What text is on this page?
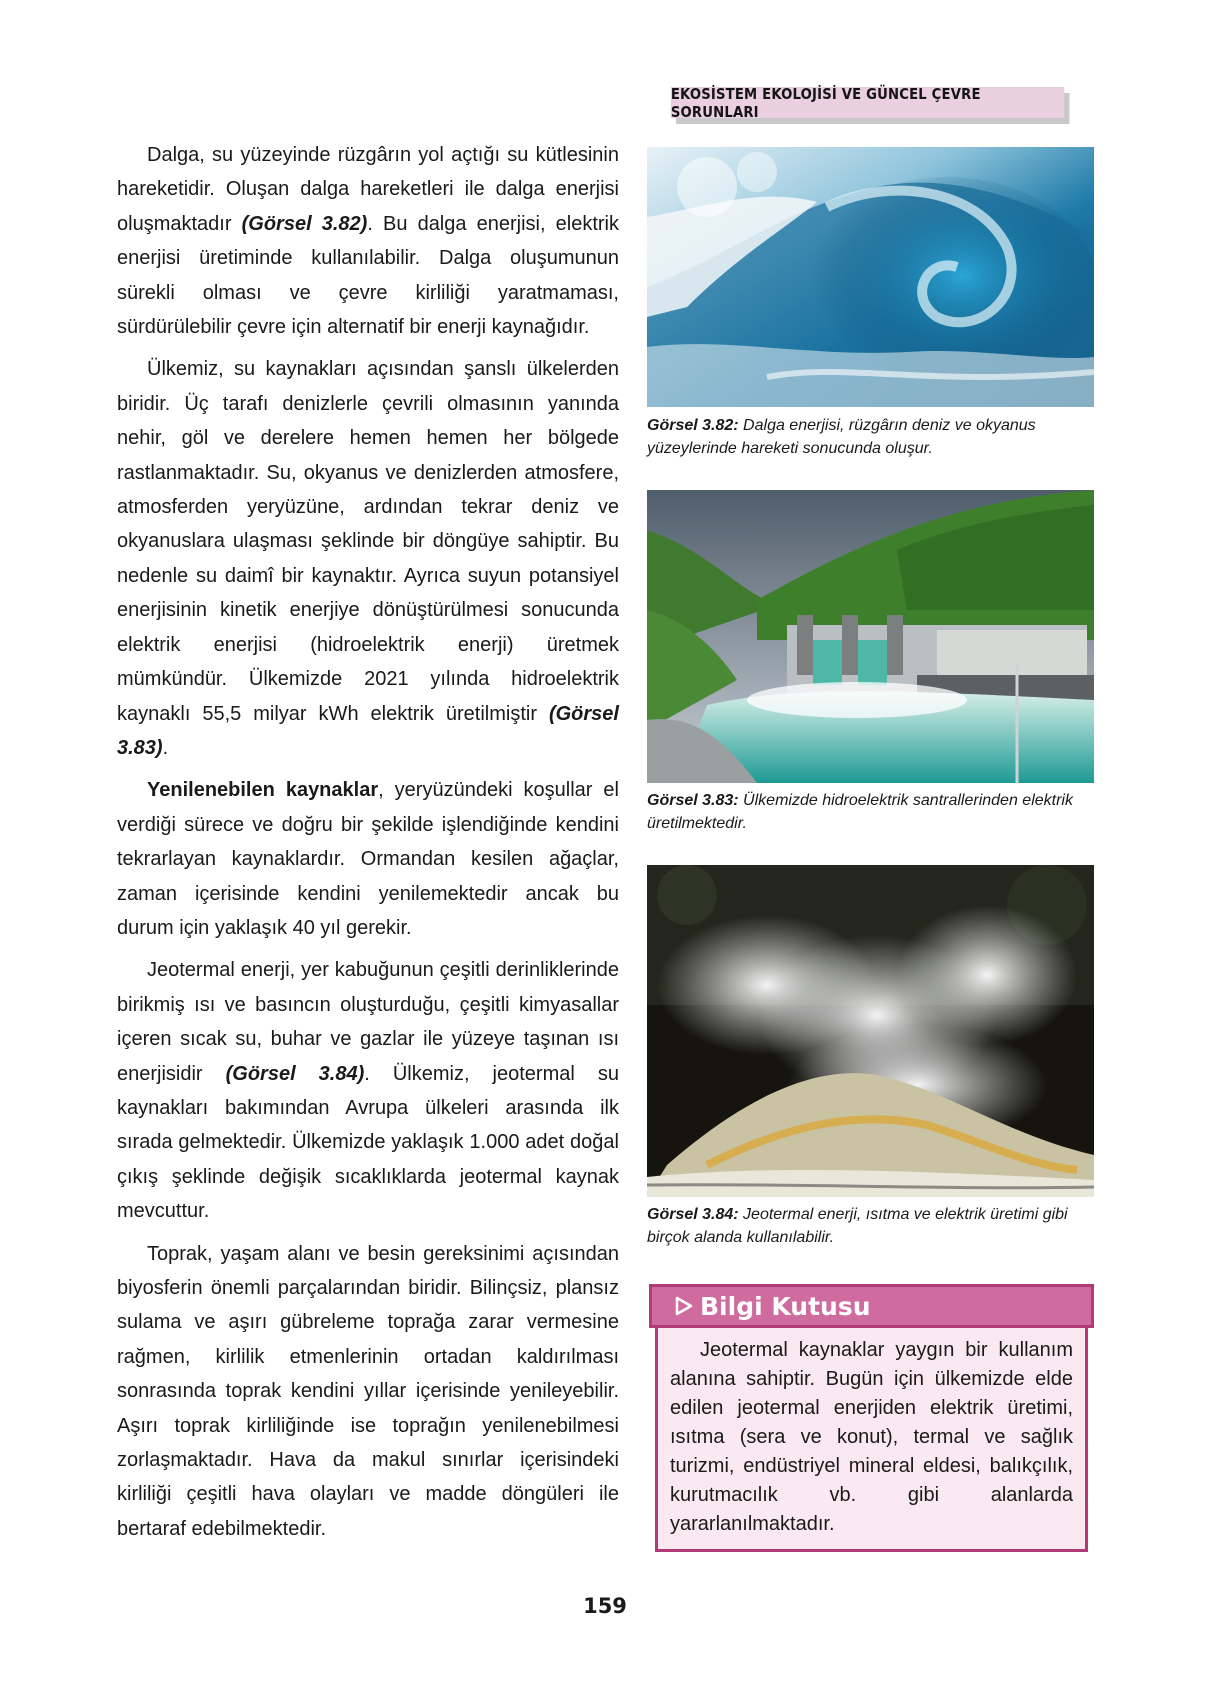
EKOSİSTEM EKOLOJİSİ VE GÜNCEL ÇEVRE SORUNLARI

Dalga, su yüzeyinde rüzgârın yol açtığı su kütlesinin hareketidir. Oluşan dalga hareketleri ile dalga enerjisi oluşmaktadır (Görsel 3.82). Bu dalga enerjisi, elektrik enerjisi üretiminde kullanılabilir. Dalga oluşumunun sürekli olması ve çevre kirliliği yaratmaması, sürdürülebilir çevre için alternatif bir enerji kaynağıdır.

Ülkemiz, su kaynakları açısından şanslı ülkelerden biridir. Üç tarafı denizlerle çevrili olmasının yanında nehir, göl ve derelere hemen hemen her bölgede rastlanmaktadır. Su, okyanus ve denizlerden atmosfere, atmosferden yeryüzüne, ardından tekrar deniz ve okyanuslara ulaşması şeklinde bir döngüye sahiptir. Bu nedenle su daimî bir kaynaktır. Ayrıca suyun potansiyel enerjisinin kinetik enerjiye dönüştürülmesi sonucunda elektrik enerjisi (hidroelektrik enerji) üretmek mümkündür. Ülkemizde 2021 yılında hidroelektrik kaynaklı 55,5 milyar kWh elektrik üretilmiştir (Görsel 3.83).

Yenilenebilen kaynaklar, yeryüzündeki koşullar el verdiği sürece ve doğru bir şekilde işlendiğinde kendini tekrarlayan kaynaklardır. Ormandan kesilen ağaçlar, zaman içerisinde kendini yenilemektedir ancak bu durum için yaklaşık 40 yıl gerekir.

Jeotermal enerji, yer kabuğunun çeşitli derinliklerinde birikmiş ısı ve basıncın oluşturduğu, çeşitli kimyasallar içeren sıcak su, buhar ve gazlar ile yüzeye taşınan ısı enerjisidir (Görsel 3.84). Ülkemiz, jeotermal su kaynakları bakımından Avrupa ülkeleri arasında ilk sırada gelmektedir. Ülkemizde yaklaşık 1.000 adet doğal çıkış şeklinde değişik sıcaklıklarda jeotermal kaynak mevcuttur.

Toprak, yaşam alanı ve besin gereksinimi açısından biyosferin önemli parçalarından biridir. Bilinçsiz, plansız sulama ve aşırı gübreleme toprağa zarar vermesine rağmen, kirlilik etmenlerinin ortadan kaldırılması sonrasında toprak kendini yıllar içerisinde yenileyebilir. Aşırı toprak kirliliğinde ise toprağın yenilenebilmesi zorlaşmaktadır. Hava da makul sınırlar içerisindeki kirliliği çeşitli hava olayları ve madde döngüleri ile bertaraf edebilmektedir.

Görsel 3.82: Dalga enerjisi, rüzgârın deniz ve okyanus yüzeylerinde hareketi sonucunda oluşur.
Görsel 3.83: Ülkemizde hidroelektrik santrallerinden elektrik üretilmektedir.
Görsel 3.84: Jeotermal enerji, ısıtma ve elektrik üretimi gibi birçok alanda kullanılabilir.
Bilgi Kutusu

Jeotermal kaynaklar yaygın bir kullanım alanına sahiptir. Bugün için ülkemizde elde edilen jeotermal enerjiden elektrik üretimi, ısıtma (sera ve konut), termal ve sağlık turizmi, endüstriyel mineral eldesi, balıkçılık, kurutmacılık vb. gibi alanlarda yararlanılmaktadır.

159
